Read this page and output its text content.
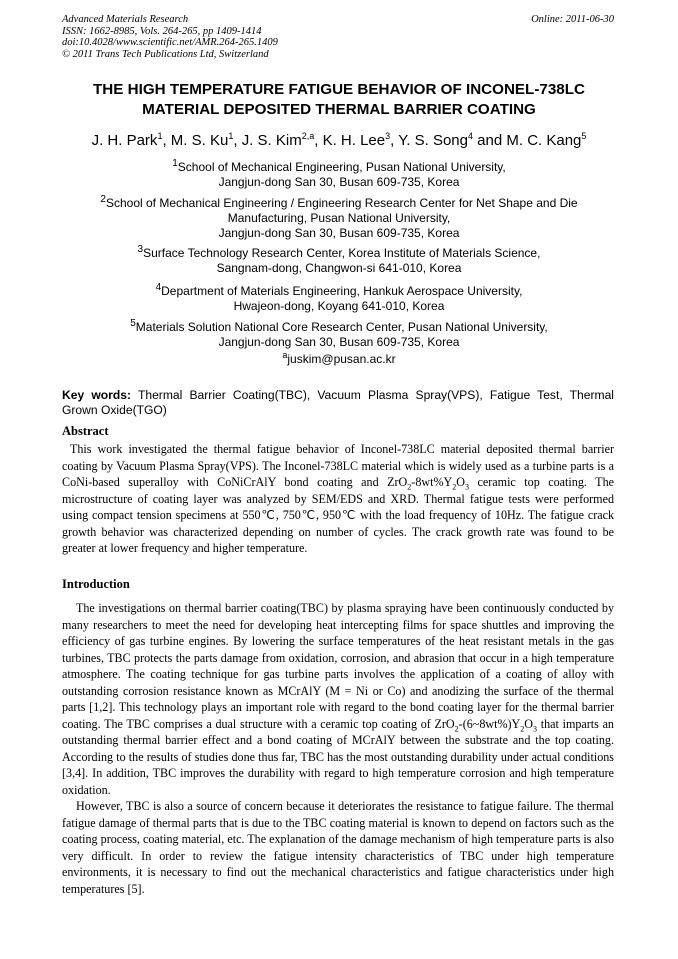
Advanced Materials Research
ISSN: 1662-8985, Vols. 264-265, pp 1409-1414
doi:10.4028/www.scientific.net/AMR.264-265.1409
© 2011 Trans Tech Publications Ltd, Switzerland
Online: 2011-06-30
THE HIGH TEMPERATURE FATIGUE BEHAVIOR OF INCONEL-738LC
MATERIAL DEPOSITED THERMAL BARRIER COATING
J. H. Park$^1$, M. S. Ku$^1$, J. S. Kim$^{2,a}$, K. H. Lee$^3$, Y. S. Song$^4$ and M. C. Kang$^5$
$^1$School of Mechanical Engineering, Pusan National University,
Jangjun-dong San 30, Busan 609-735, Korea
$^2$School of Mechanical Engineering / Engineering Research Center for Net Shape and Die
Manufacturing, Pusan National University,
Jangjun-dong San 30, Busan 609-735, Korea
$^3$Surface Technology Research Center, Korea Institute of Materials Science,
Sangnam-dong, Changwon-si 641-010, Korea
$^4$Department of Materials Engineering, Hankuk Aerospace University,
Hwajeon-dong, Koyang 641-010, Korea
$^5$Materials Solution National Core Research Center, Pusan National University,
Jangjun-dong San 30, Busan 609-735, Korea
$^a$juskim@pusan.ac.kr
Key words: Thermal Barrier Coating(TBC), Vacuum Plasma Spray(VPS), Fatigue Test, Thermal Grown Oxide(TGO)
Abstract

This work investigated the thermal fatigue behavior of Inconel-738LC material deposited thermal barrier coating by Vacuum Plasma Spray(VPS). The Inconel-738LC material which is widely used as a turbine parts is a CoNi-based superalloy with CoNiCrAlY bond coating and $ZrO_2-8wt\%Y_2O_3$ ceramic top coating. The microstructure of coating layer was analyzed by SEM/EDS and XRD. Thermal fatigue tests were performed using compact tension specimens at 550℃, 750℃, 950℃ with the load frequency of 10Hz. The fatigue crack growth behavior was characterized depending on number of cycles. The crack growth rate was found to be greater at lower frequency and higher temperature.

Introduction

The investigations on thermal barrier coating(TBC) by plasma spraying have been continuously conducted by many researchers to meet the need for developing heat intercepting films for space shuttles and improving the efficiency of gas turbine engines. By lowering the surface temperatures of the heat resistant metals in the gas turbines, TBC protects the parts damage from oxidation, corrosion, and abrasion that occur in a high temperature atmosphere. The coating technique for gas turbine parts involves the application of a coating of alloy with outstanding corrosion resistance known as MCrAlY (M = Ni or Co) and anodizing the surface of the thermal parts [1,2]. This technology plays an important role with regard to the bond coating layer for the thermal barrier coating. The TBC comprises a dual structure with a ceramic top coating of $ZrO_2-(6\sim 8wt\%)Y_2O_3$ that imparts an outstanding thermal barrier effect and a bond coating of MCrAlY between the substrate and the top coating. According to the results of studies done thus far, TBC has the most outstanding durability under actual conditions [3,4]. In addition, TBC improves the durability with regard to high temperature corrosion and high temperature oxidation.

However, TBC is also a source of concern because it deteriorates the resistance to fatigue failure. The thermal fatigue damage of thermal parts that is due to the TBC coating material is known to depend on factors such as the coating process, coating material, etc. The explanation of the damage mechanism of high temperature parts is also very difficult. In order to review the fatigue intensity characteristics of TBC under high temperature environments, it is necessary to find out the mechanical characteristics and fatigue characteristics under high temperatures [5].
